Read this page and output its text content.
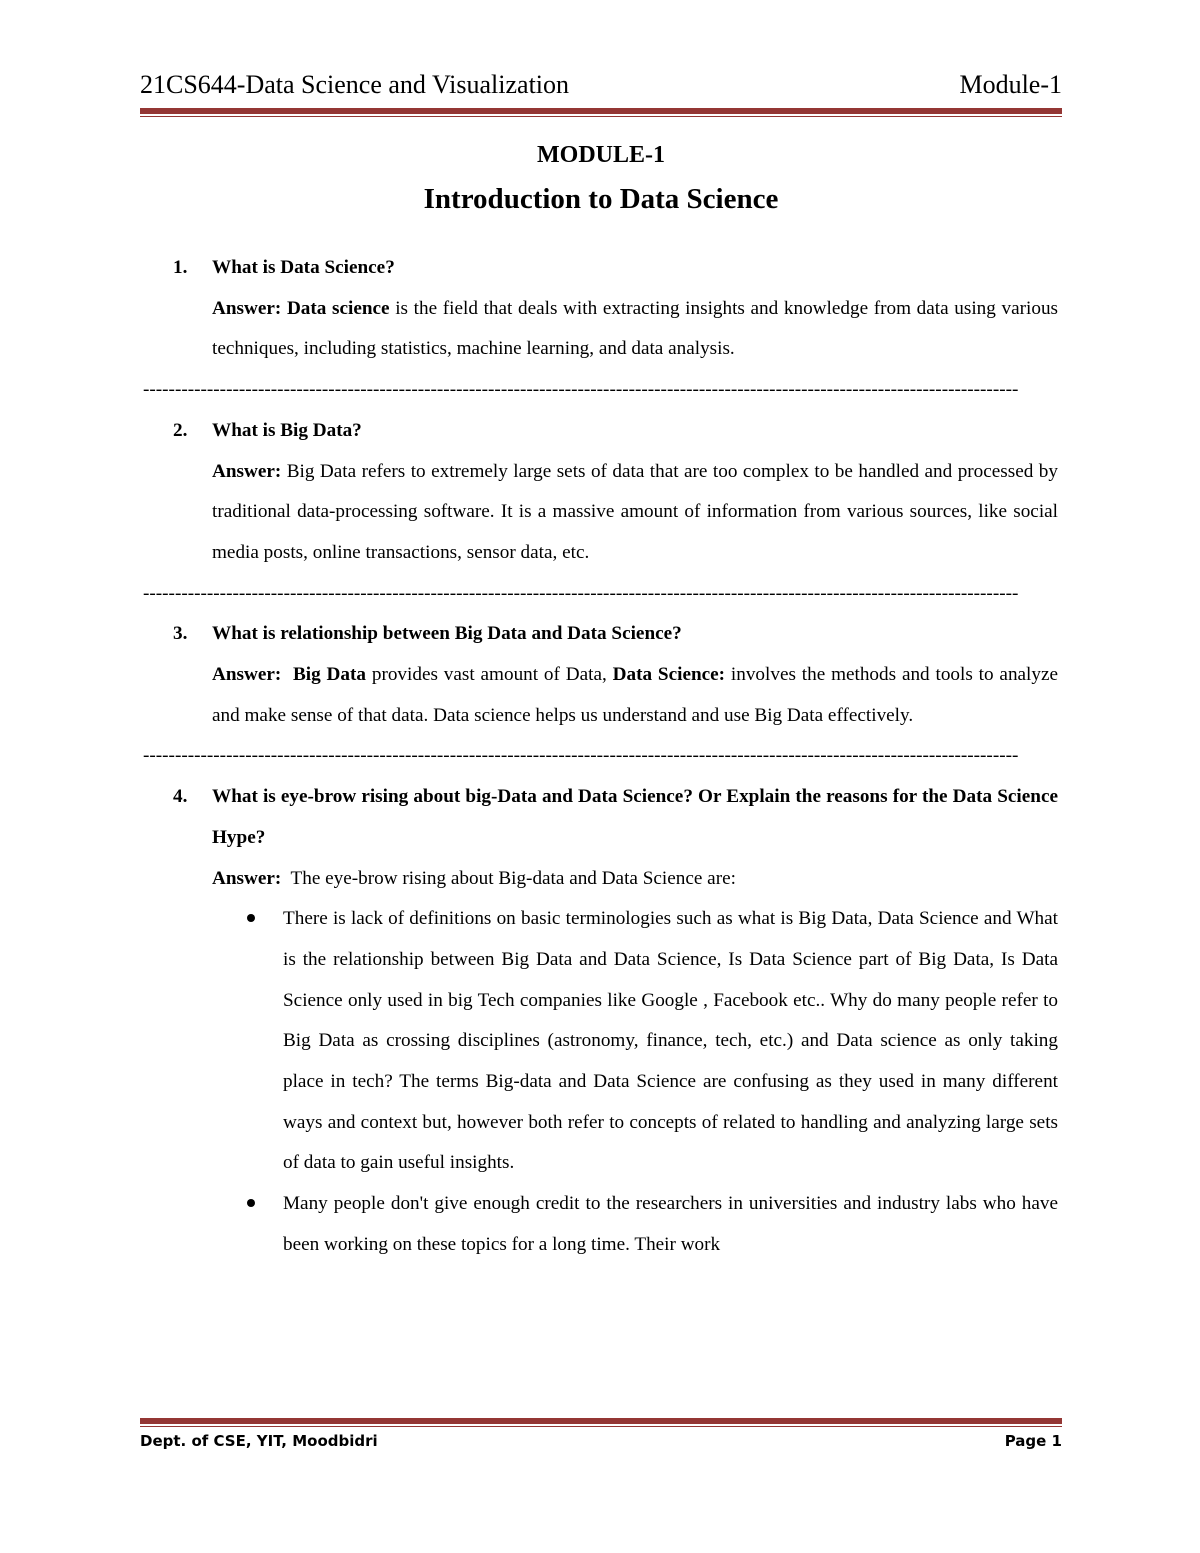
21CS644-Data Science and Visualization	Module-1
MODULE-1
Introduction to Data Science
1. What is Data Science?
Answer: Data science is the field that deals with extracting insights and knowledge from data using various techniques, including statistics, machine learning, and data analysis.
-----------------------------------------------------------------------------------------------------------------------------------------
2. What is Big Data?
Answer: Big Data refers to extremely large sets of data that are too complex to be handled and processed by traditional data-processing software. It is a massive amount of information from various sources, like social media posts, online transactions, sensor data, etc.
-----------------------------------------------------------------------------------------------------------------------------------------
3. What is relationship between Big Data and Data Science?
Answer: Big Data provides vast amount of Data, Data Science: involves the methods and tools to analyze and make sense of that data. Data science helps us understand and use Big Data effectively.
-----------------------------------------------------------------------------------------------------------------------------------------
4. What is eye-brow rising about big-Data and Data Science? Or Explain the reasons for the Data Science Hype?
Answer:  The eye-brow rising about Big-data and Data Science are:
There is lack of definitions on basic terminologies such as what is Big Data, Data Science and What is the relationship between Big Data and Data Science, Is Data Science part of Big Data, Is Data Science only used in big Tech companies like Google , Facebook etc.. Why do many people refer to Big Data as crossing disciplines (astronomy, finance, tech, etc.) and Data science as only taking place in tech? The terms Big-data and Data Science are confusing as they used in many different ways and context but, however both refer to concepts of related to handling and analyzing large sets of data to gain useful insights.
Many people don't give enough credit to the researchers in universities and industry labs who have been working on these topics for a long time. Their work
Dept. of CSE, YIT, Moodbidri	Page 1
